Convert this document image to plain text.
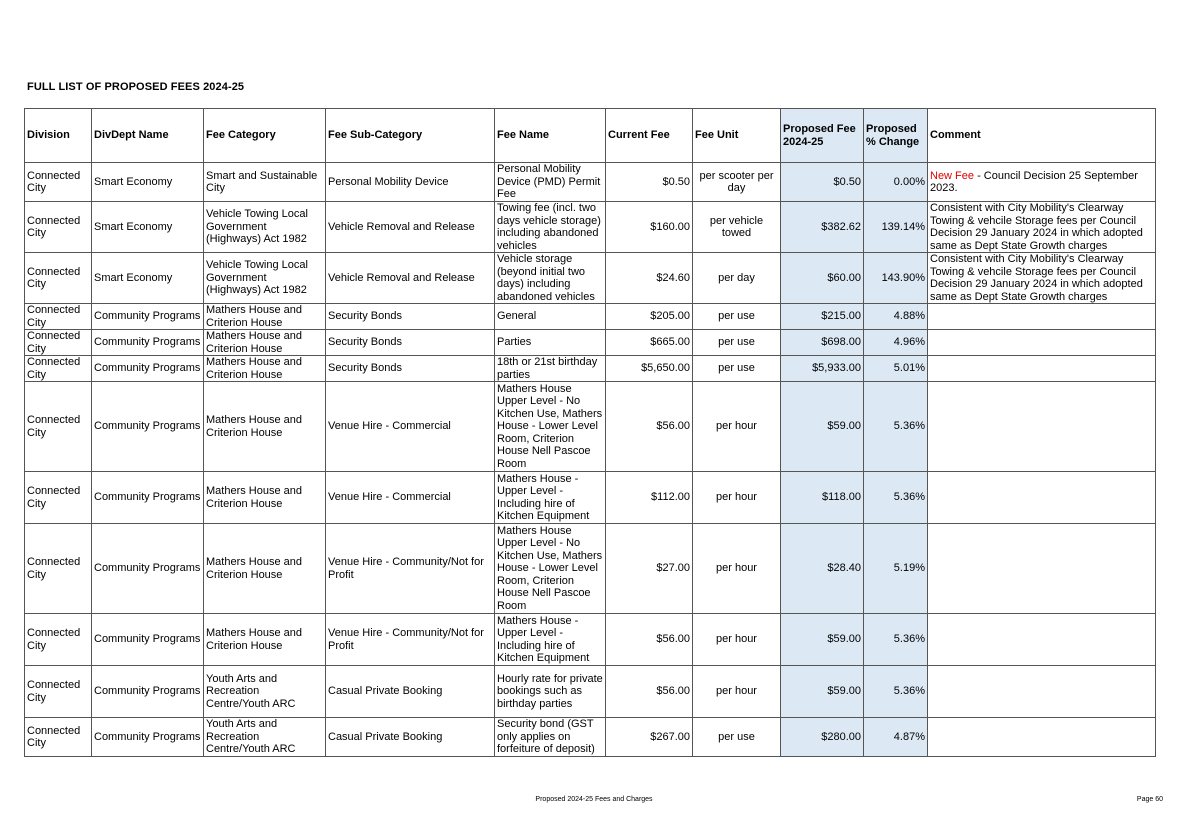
FULL LIST OF PROPOSED FEES 2024-25
Division	DivDept Name	Fee Category	Fee Sub-Category	Fee Name	Current Fee	Fee Unit	Proposed Fee 2024-25	Proposed % Change	Comment
Connected City	Smart Economy	Smart and Sustainable City	Personal Mobility Device	Personal Mobility Device (PMD) Permit Fee	$0.50	per scooter per day	$0.50	0.00%	New Fee - Council Decision 25 September 2023.
Connected City	Smart Economy	Vehicle Towing Local Government (Highways) Act 1982	Vehicle Removal and Release	Towing fee (incl. two days vehicle storage) including abandoned vehicles	$160.00	per vehicle towed	$382.62	139.14%	Consistent with City Mobility's Clearway Towing & vehcile Storage fees per Council Decision 29 January 2024 in which adopted same as Dept State Growth charges
Connected City	Smart Economy	Vehicle Towing Local Government (Highways) Act 1982	Vehicle Removal and Release	Vehicle storage (beyond initial two days) including abandoned vehicles	$24.60	per day	$60.00	143.90%	Consistent with City Mobility's Clearway Towing & vehcile Storage fees per Council Decision 29 January 2024 in which adopted same as Dept State Growth charges
Connected City	Community Programs	Mathers House and Criterion House	Security Bonds	General	$205.00	per use	$215.00	4.88%	
Connected City	Community Programs	Mathers House and Criterion House	Security Bonds	Parties	$665.00	per use	$698.00	4.96%	
Connected City	Community Programs	Mathers House and Criterion House	Security Bonds	18th or 21st birthday parties	$5,650.00	per use	$5,933.00	5.01%	
Connected City	Community Programs	Mathers House and Criterion House	Venue Hire - Commercial	Mathers House Upper Level - No Kitchen Use, Mathers House - Lower Level Room, Criterion House Nell Pascoe Room	$56.00	per hour	$59.00	5.36%	
Connected City	Community Programs	Mathers House and Criterion House	Venue Hire - Commercial	Mathers House - Upper Level - Including hire of Kitchen Equipment	$112.00	per hour	$118.00	5.36%	
Connected City	Community Programs	Mathers House and Criterion House	Venue Hire - Community/Not for Profit	Mathers House Upper Level - No Kitchen Use, Mathers House - Lower Level Room, Criterion House Nell Pascoe Room	$27.00	per hour	$28.40	5.19%	
Connected City	Community Programs	Mathers House and Criterion House	Venue Hire - Community/Not for Profit	Mathers House - Upper Level - Including hire of Kitchen Equipment	$56.00	per hour	$59.00	5.36%	
Connected City	Community Programs	Youth Arts and Recreation Centre/Youth ARC	Casual Private Booking	Hourly rate for private bookings such as birthday parties	$56.00	per hour	$59.00	5.36%	
Connected City	Community Programs	Youth Arts and Recreation Centre/Youth ARC	Casual Private Booking	Security bond (GST only applies on forfeiture of deposit)	$267.00	per use	$280.00	4.87%	
Proposed 2024-25 Fees and Charges	Page 60
